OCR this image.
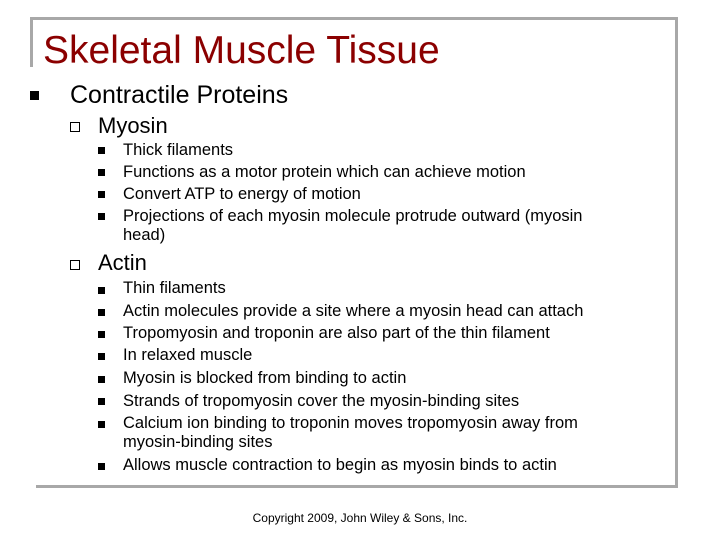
Skeletal Muscle Tissue
Contractile Proteins
Myosin
Thick filaments
Functions as a motor protein which can achieve motion
Convert ATP to energy of motion
Projections of each myosin molecule protrude outward (myosin
head)
Actin
Thin filaments
Actin molecules provide a site where a myosin head can attach
Tropomyosin and troponin are also part of the thin filament
In relaxed muscle
Myosin is blocked from binding to actin
Strands of tropomyosin cover the myosin-binding sites
Calcium ion binding to troponin moves tropomyosin away from
myosin-binding sites
Allows muscle contraction to begin as myosin binds to actin
Copyright 2009, John Wiley & Sons, Inc.
